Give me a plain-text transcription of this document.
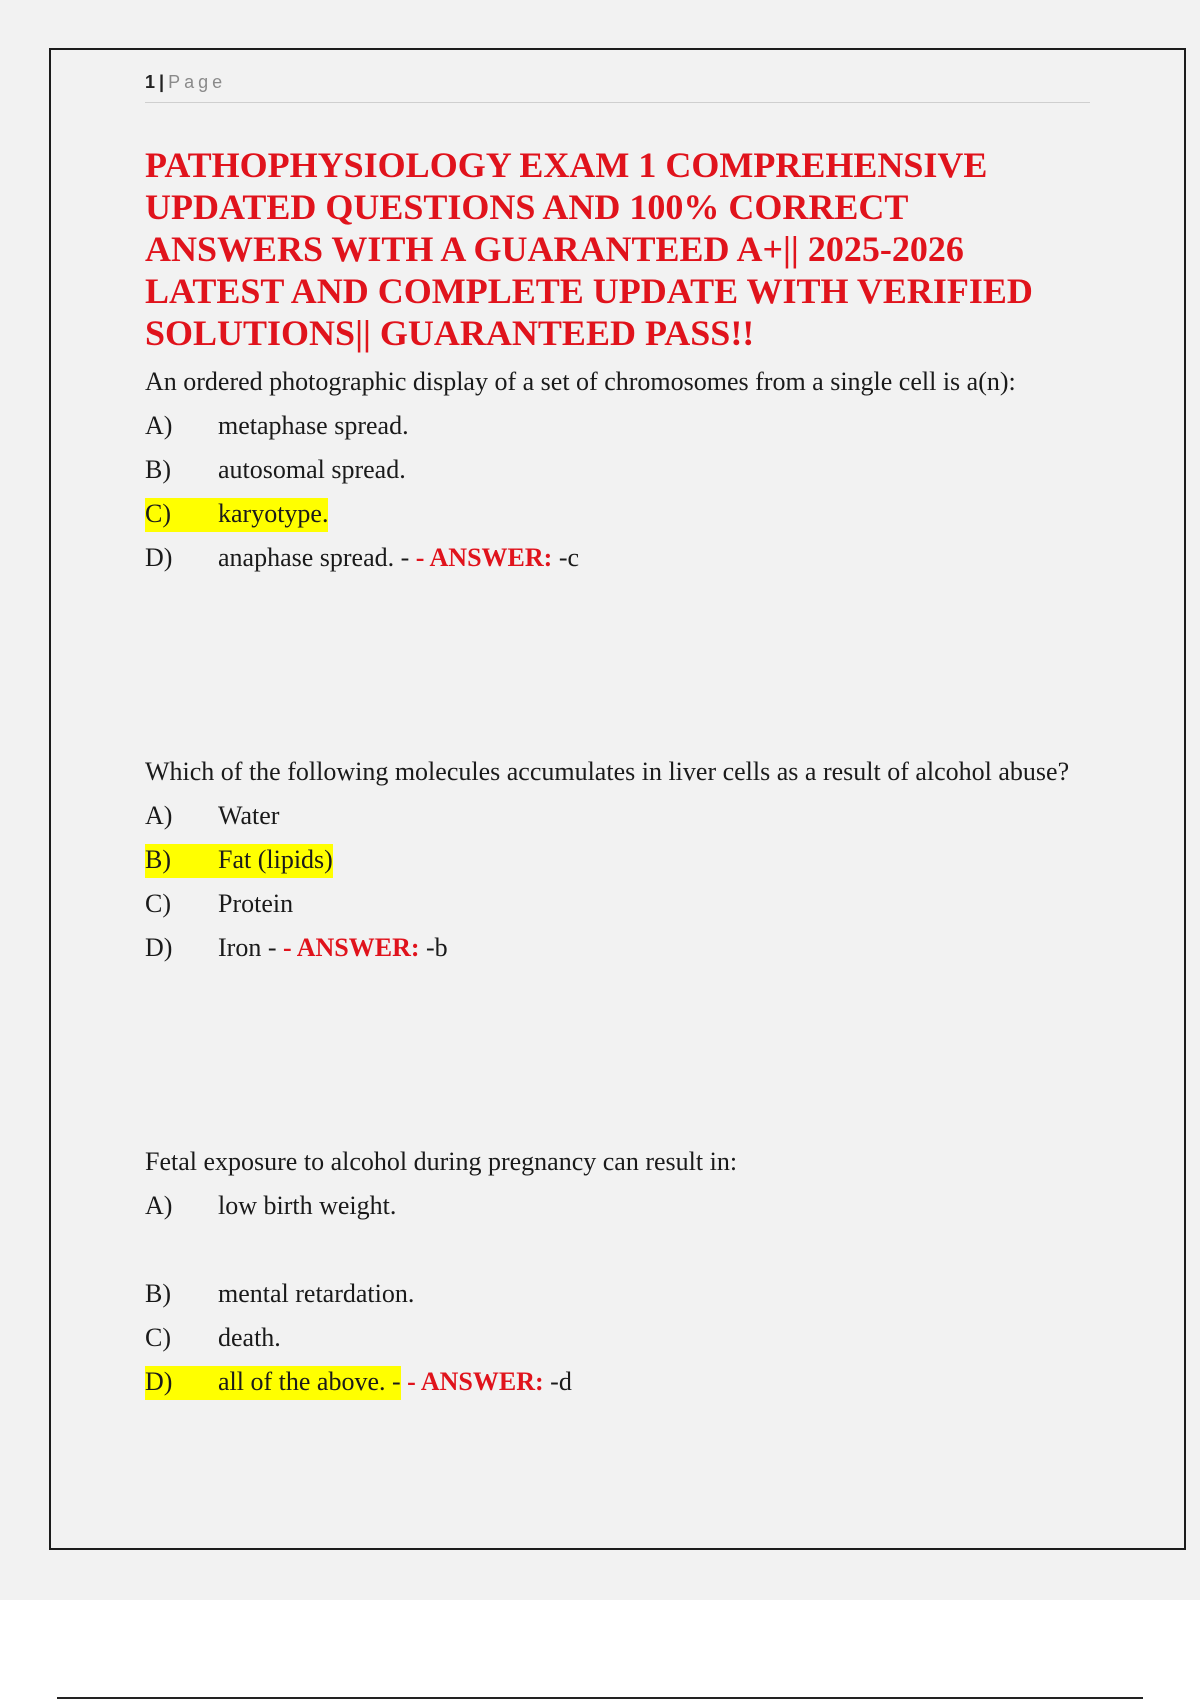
1 | Page
PATHOPHYSIOLOGY EXAM 1 COMPREHENSIVE UPDATED QUESTIONS AND 100% CORRECT ANSWERS WITH A GUARANTEED A+|| 2025-2026 LATEST AND COMPLETE UPDATE WITH VERIFIED SOLUTIONS|| GUARANTEED PASS!!
An ordered photographic display of a set of chromosomes from a single cell is a(n):
A) metaphase spread.
B) autosomal spread.
C) karyotype.
D) anaphase spread. - - ANSWER: -c
Which of the following molecules accumulates in liver cells as a result of alcohol abuse?
A) Water
B) Fat (lipids)
C) Protein
D) Iron - - ANSWER: -b
Fetal exposure to alcohol during pregnancy can result in:
A) low birth weight.
B) mental retardation.
C) death.
D) all of the above. - - ANSWER: -d
